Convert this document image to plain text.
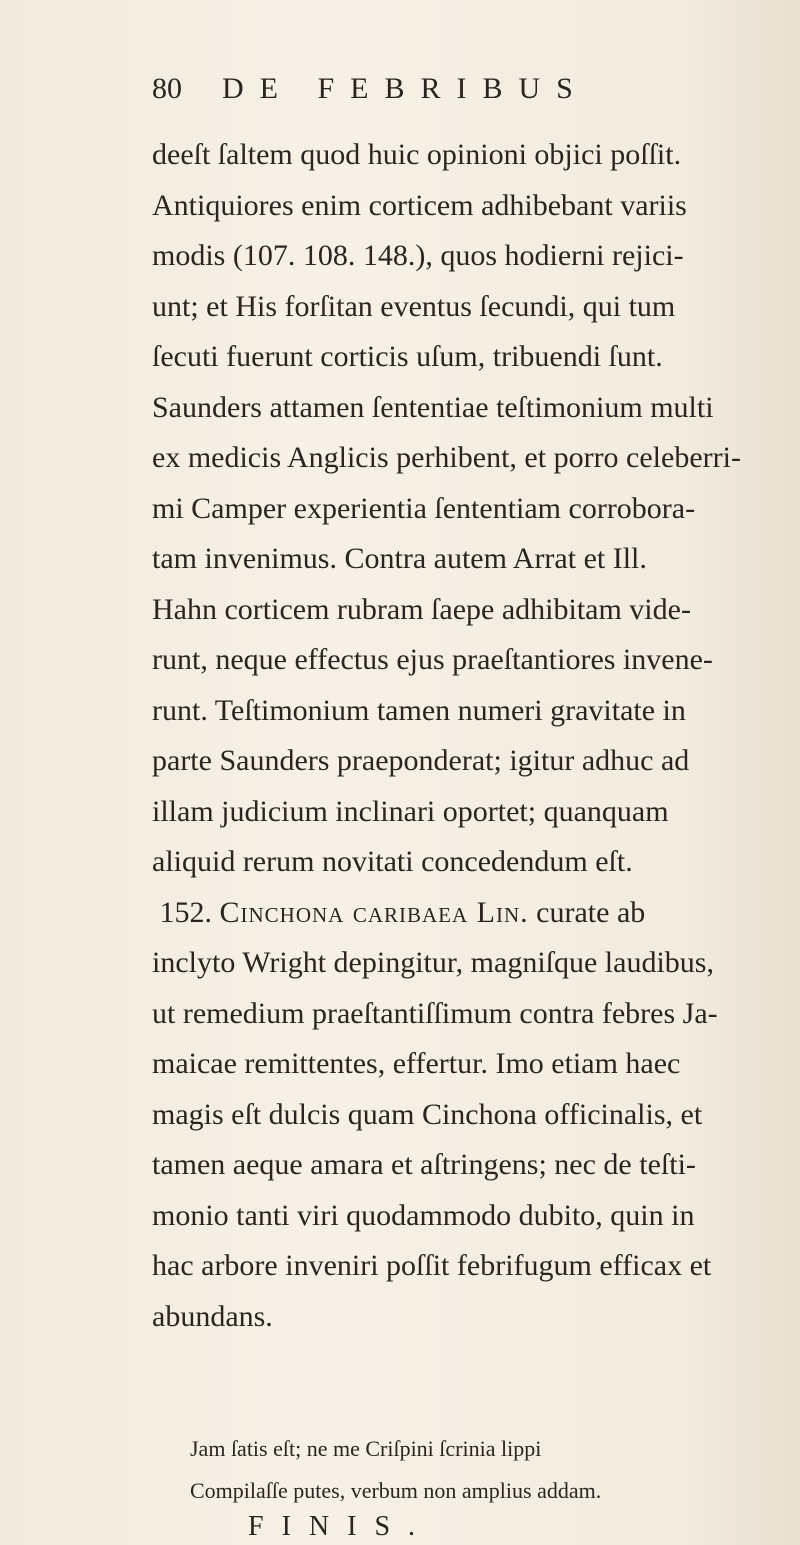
80 DE FEBRIBUS
deeſt ſaltem quod huic opinioni objici poſſit.
Antiquiores enim corticem adhibebant variis
modis (107. 108. 148.), quos hodierni rejici-
unt; et His forſitan eventus ſecundi, qui tum
ſecuti fuerunt corticis uſum, tribuendi ſunt.
Saunders attamen ſententiae teſtimonium multi
ex medicis Anglicis perhibent, et porro celeberri-
mi Camper experientia ſententiam corrobora-
tam invenimus. Contra autem Arrat et Ill.
Hahn corticem rubram ſaepe adhibitam vide-
runt, neque effectus ejus praeſtantiores invene-
runt. Teſtimonium tamen numeri gravitate in
parte Saunders praeponderat; igitur adhuc ad
illam judicium inclinari oportet; quanquam
aliquid rerum novitati concedendum eſt.
152. Cinchona caribaea Lin. curate ab
inclyto Wright depingitur, magniſque laudibus,
ut remedium praeſtantiſſimum contra febres Ja-
maicae remittentes, effertur. Imo etiam haec
magis eſt dulcis quam Cinchona officinalis, et
tamen aeque amara et aſtringens; nec de teſti-
monio tanti viri quodammodo dubito, quin in
hac arbore inveniri poſſit febrifugum efficax et
abundans.
Jam ſatis eſt; ne me Criſpini ſcrinia lippi
Compilaſſe putes, verbum non amplius addam.
FINIS.
